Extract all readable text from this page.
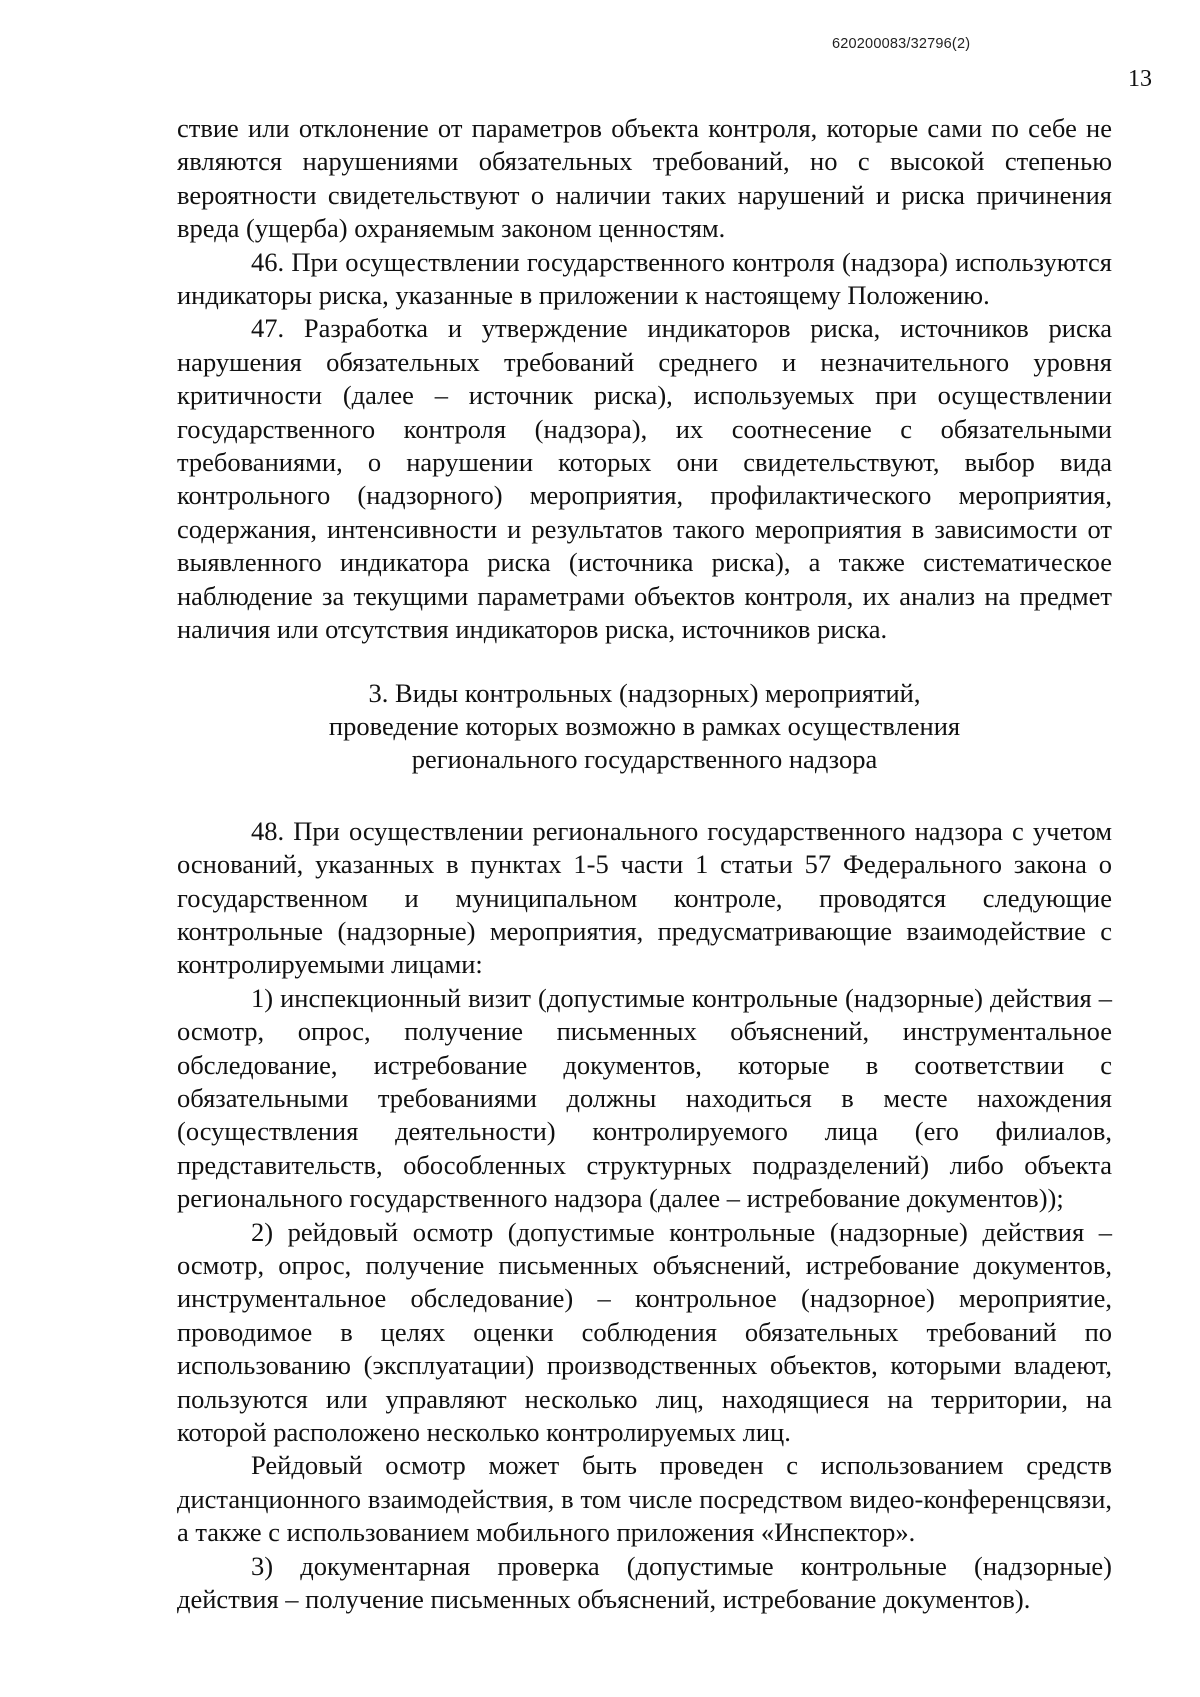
620200083/32796(2)
13

ствие или отклонение от параметров объекта контроля, которые сами по себе не являются нарушениями обязательных требований, но с высокой степенью вероятности свидетельствуют о наличии таких нарушений и риска причинения вреда (ущерба) охраняемым законом ценностям.

46. При осуществлении государственного контроля (надзора) используются индикаторы риска, указанные в приложении к настоящему Положению.

47. Разработка и утверждение индикаторов риска, источников риска нарушения обязательных требований среднего и незначительного уровня критичности (далее – источник риска), используемых при осуществлении государственного контроля (надзора), их соотнесение с обязательными требованиями, о нарушении которых они свидетельствуют, выбор вида контрольного (надзорного) мероприятия, профилактического мероприятия, содержания, интенсивности и результатов такого мероприятия в зависимости от выявленного индикатора риска (источника риска), а также систематическое наблюдение за текущими параметрами объектов контроля, их анализ на предмет наличия или отсутствия индикаторов риска, источников риска.

3. Виды контрольных (надзорных) мероприятий,
проведение которых возможно в рамках осуществления
регионального государственного надзора

48. При осуществлении регионального государственного надзора с учетом оснований, указанных в пунктах 1-5 части 1 статьи 57 Федерального закона о государственном и муниципальном контроле, проводятся следующие контрольные (надзорные) мероприятия, предусматривающие взаимодействие с контролируемыми лицами:

1) инспекционный визит (допустимые контрольные (надзорные) действия – осмотр, опрос, получение письменных объяснений, инструментальное обследование, истребование документов, которые в соответствии с обязательными требованиями должны находиться в месте нахождения (осуществления деятельности) контролируемого лица (его филиалов, представительств, обособленных структурных подразделений) либо объекта регионального государственного надзора (далее – истребование документов));

2) рейдовый осмотр (допустимые контрольные (надзорные) действия – осмотр, опрос, получение письменных объяснений, истребование документов, инструментальное обследование) – контрольное (надзорное) мероприятие, проводимое в целях оценки соблюдения обязательных требований по использованию (эксплуатации) производственных объектов, которыми владеют, пользуются или управляют несколько лиц, находящиеся на территории, на которой расположено несколько контролируемых лиц.

Рейдовый осмотр может быть проведен с использованием средств дистанционного взаимодействия, в том числе посредством видео-конференцсвязи, а также с использованием мобильного приложения «Инспектор».

3) документарная проверка (допустимые контрольные (надзорные) действия – получение письменных объяснений, истребование документов).
